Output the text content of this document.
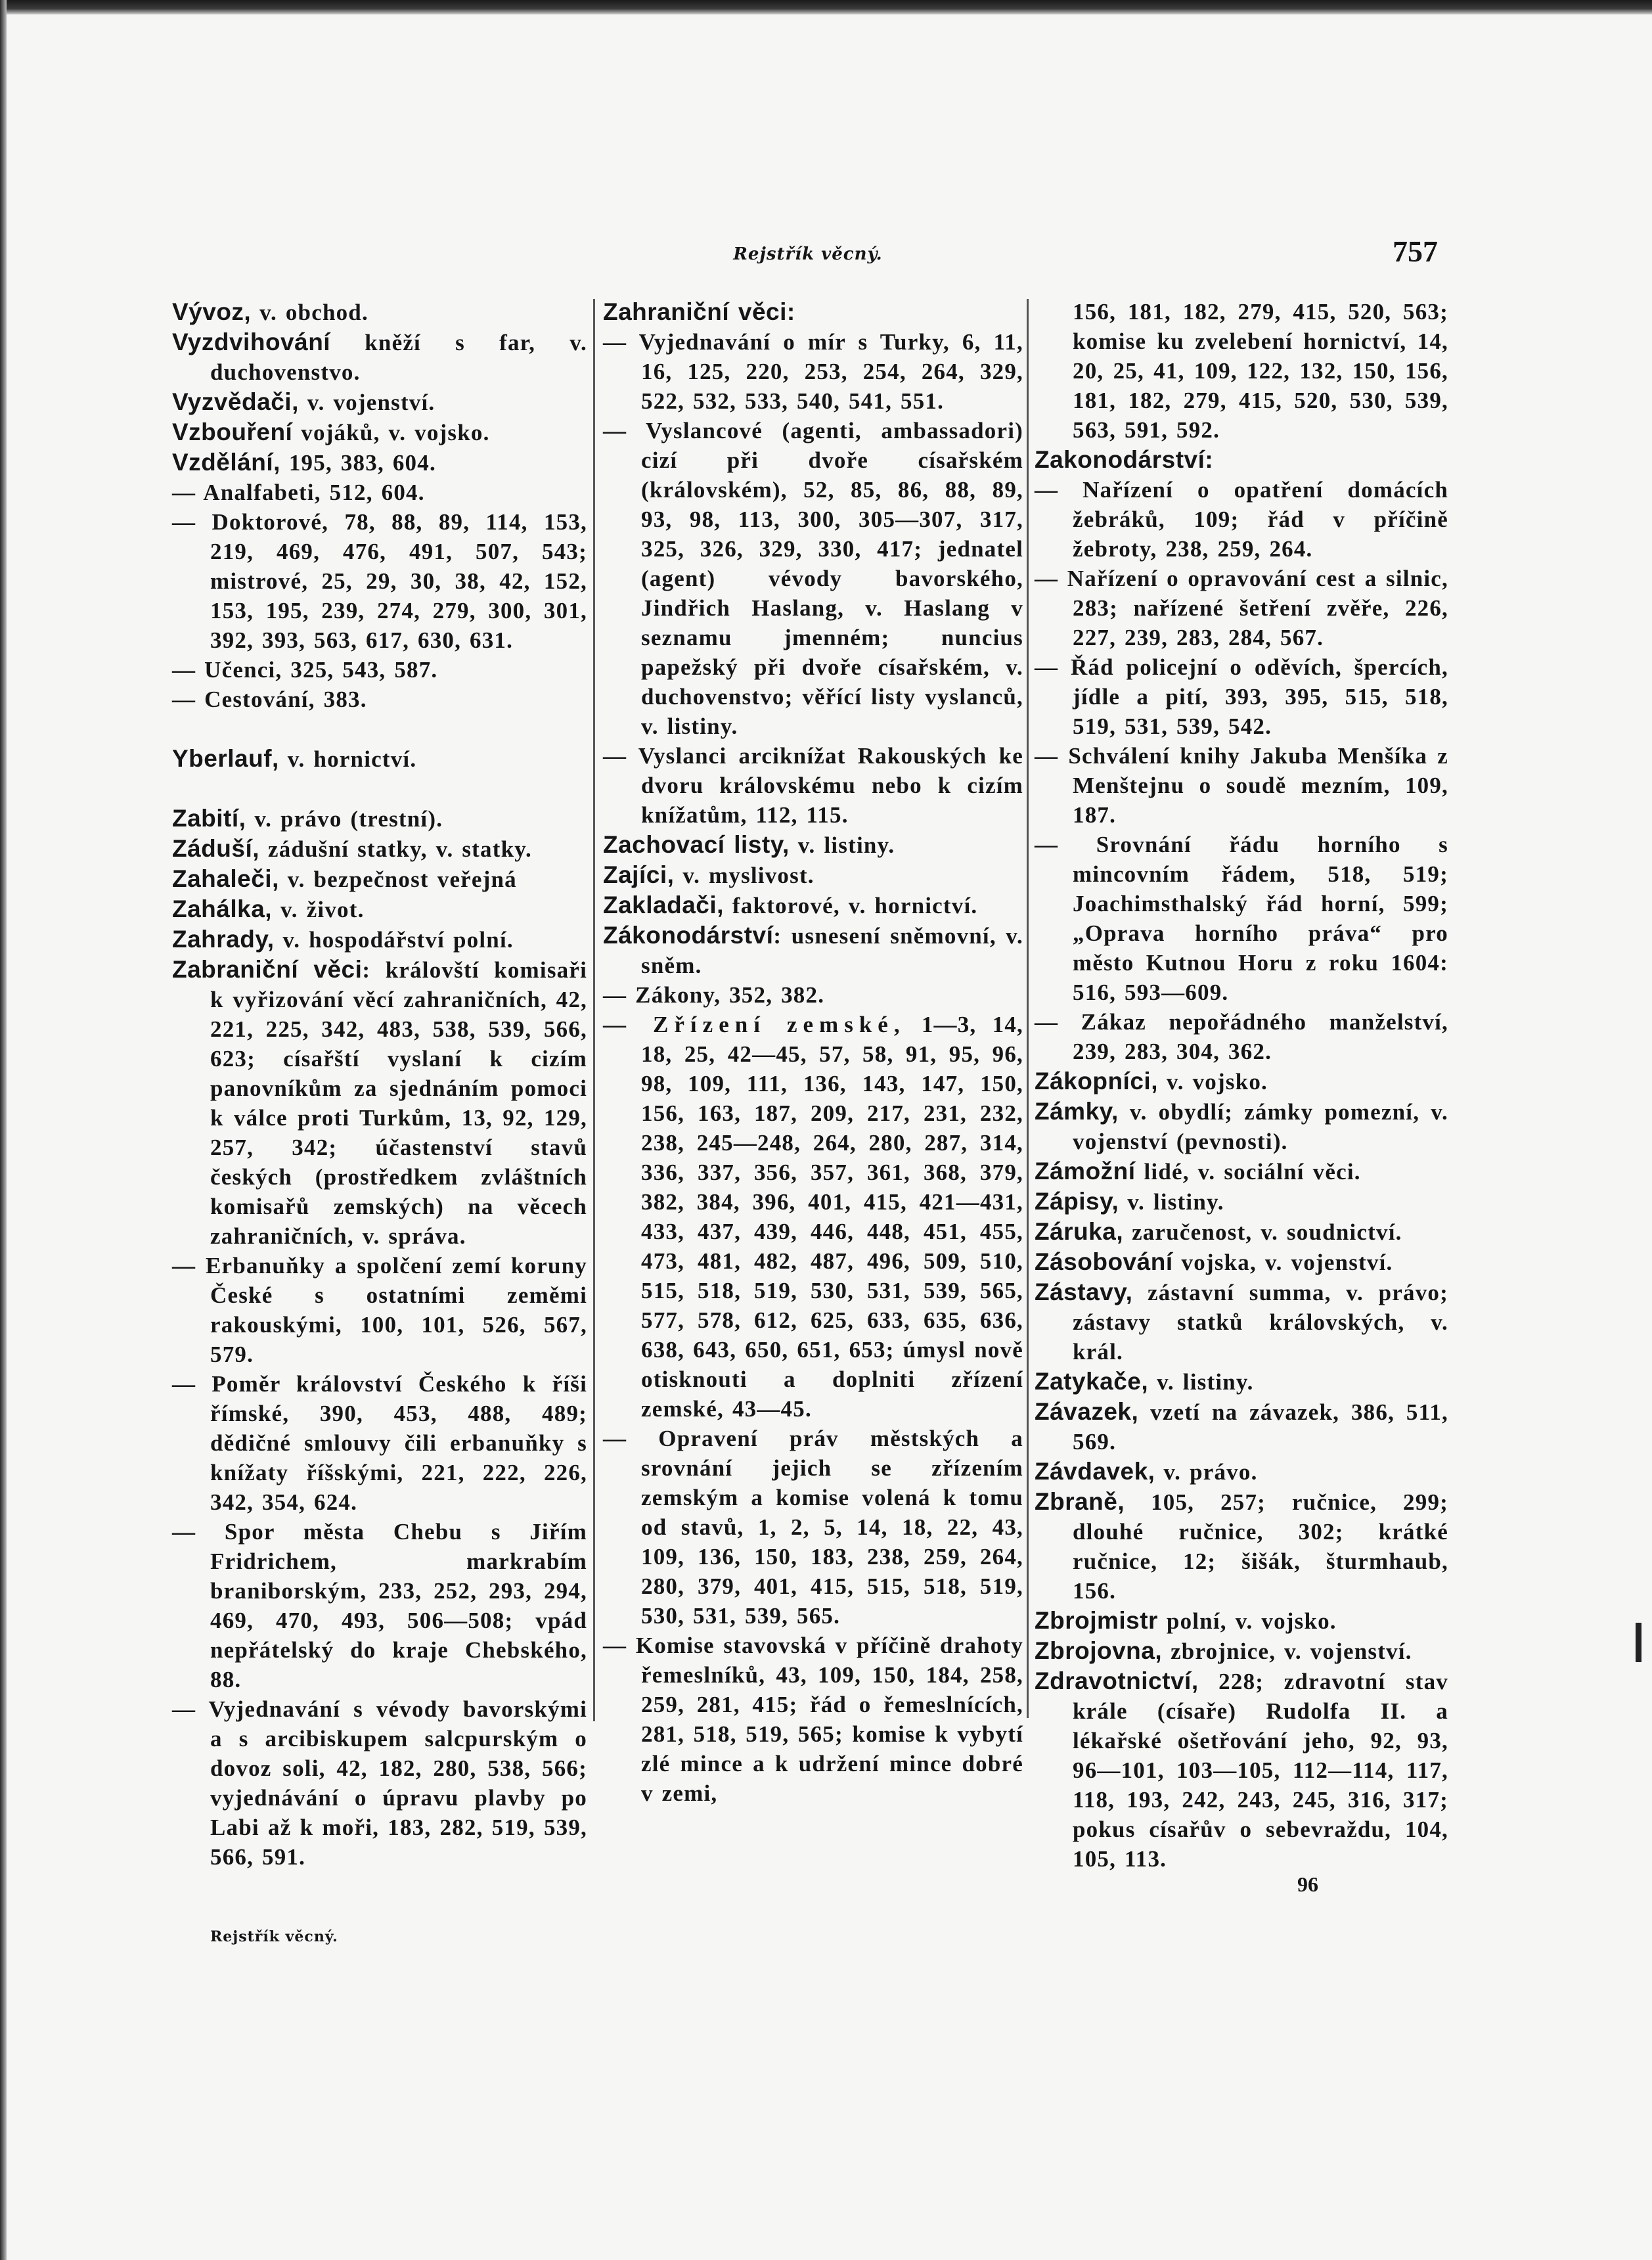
Rejstřík věcný.	757
Vývoz, v. obchod.
Vyzdvihování kněží s far, v. duchovenstvo.
Vyzvědači, v. vojenství.
Vzbouření vojáků, v. vojsko.
Vzdělání, 195, 383, 604.
— Analfabeti, 512, 604.
— Doktorové, 78, 88, 89, 114, 153, 219, 469, 476, 491, 507, 543; mistrové, 25, 29, 30, 38, 42, 152, 153, 195, 239, 274, 279, 300, 301, 392, 393, 563, 617, 630, 631.
— Učenci, 325, 543, 587.
— Cestování, 383.
Yberlauf, v. hornictví.
Zabití, v. právo (trestní).
Záduší, zádušní statky, v. statky.
Zahaleči, v. bezpečnost veřejná
Zahálka, v. život.
Zahrady, v. hospodářství polní.
Zabraniční věci: královští komisaři k vyřizování věcí zahraničních, 42, 221, 225, 342, 483, 538, 539, 566, 623; císařští vyslaní k cizím panovníkům za sjednáním pomoci k válce proti Turkům, 13, 92, 129, 257, 342; účastenství stavů českých (prostředkem zvláštních komisařů zemských) na věcech zahraničních, v. správa.
— Erbanuňky a spolčení zemí koruny České s ostatními zeměmi rakouskými, 100, 101, 526, 567, 579.
— Poměr království Českého k říši římské, 390, 453, 488, 489; dědičné smlouvy čili erbanuňky s knížaty říšskými, 221, 222, 226, 342, 354, 624.
— Spor města Chebu s Jiřím Fridrichem, markrabím braniborským, 233, 252, 293, 294, 469, 470, 493, 506—508; vpád nepřátelský do kraje Chebského, 88.
— Vyjednavání s vévody bavorskými a s arcibiskupem salcpurským o dovoz soli, 42, 182, 280, 538, 566; vyjednávání o úpravu plavby po Labi až k moři, 183, 282, 519, 539, 566, 591.
Zahraniční věci:
— Vyjednavání o mír s Turky, 6, 11, 16, 125, 220, 253, 254, 264, 329, 522, 532, 533, 540, 541, 551.
— Vyslancové (agenti, ambassadori) cizí při dvoře císařském (královském), 52, 85, 86, 88, 89, 93, 98, 113, 300, 305—307, 317, 325, 326, 329, 330, 417; jednatel (agent) vévody bavorského, Jindřich Haslang, v. Haslang v seznamu jmenném; nuncius papežský při dvoře císařském, v. duchovenstvo; věřící listy vyslanců, v. listiny.
— Vyslanci arciknížat Rakouských ke dvoru královskému nebo k cizím knížatům, 112, 115.
Zachovací listy, v. listiny.
Zajíci, v. myslivost.
Zakladači, faktorové, v. hornictví.
Zákonodárství: usnesení sněmovní, v. sněm.
— Zákony, 352, 382.
— Zřízení zemské, 1—3, 14, 18, 25, 42—45, 57, 58, 91, 95, 96, 98, 109, 111, 136, 143, 147, 150, 156, 163, 187, 209, 217, 231, 232, 238, 245—248, 264, 280, 287, 314, 336, 337, 356, 357, 361, 368, 379, 382, 384, 396, 401, 415, 421—431, 433, 437, 439, 446, 448, 451, 455, 473, 481, 482, 487, 496, 509, 510, 515, 518, 519, 530, 531, 539, 565, 577, 578, 612, 625, 633, 635, 636, 638, 643, 650, 651, 653; úmysl nově otisknouti a doplniti zřízení zemské, 43—45.
— Opravení práv městských a srovnání jejich se zřízením zemským a komise volená k tomu od stavů, 1, 2, 5, 14, 18, 22, 43, 109, 136, 150, 183, 238, 259, 264, 280, 379, 401, 415, 515, 518, 519, 530, 531, 539, 565.
— Komise stavovská v příčině drahoty řemeslníků, 43, 109, 150, 184, 258, 259, 281, 415; řád o řemeslnících, 281, 518, 519, 565; komise k vybytí zlé mince a k udržení mince dobré v zemi,
156, 181, 182, 279, 415, 520, 563; komise ku zvelebení hornictví, 14, 20, 25, 41, 109, 122, 132, 150, 156, 181, 182, 279, 415, 520, 530, 539, 563, 591, 592.
Zakonodárství:
— Nařízení o opatření domácích žebráků, 109; řád v příčině žebroty, 238, 259, 264.
— Nařízení o opravování cest a silnic, 283; nařízené šetření zvěře, 226, 227, 239, 283, 284, 567.
— Řád policejní o oděvích, špercích, jídle a pití, 393, 395, 515, 518, 519, 531, 539, 542.
— Schválení knihy Jakuba Menšíka z Menštejnu o soudě mezním, 109, 187.
— Srovnání řádu horního s mincovním řádem, 518, 519; Joachimsthalský řád horní, 599; „Oprava horního práva“ pro město Kutnou Horu z roku 1604: 516, 593—609.
— Zákaz nepořádného manželství, 239, 283, 304, 362.
Zákopníci, v. vojsko.
Zámky, v. obydlí; zámky pomezní, v. vojenství (pevnosti).
Zámožní lidé, v. sociální věci.
Zápisy, v. listiny.
Záruka, zaručenost, v. soudnictví.
Zásobování vojska, v. vojenství.
Zástavy, zástavní summa, v. právo; zástavy statků královských, v. král.
Zatykače, v. listiny.
Závazek, vzetí na závazek, 386, 511, 569.
Závdavek, v. právo.
Zbraně, 105, 257; ručnice, 299; dlouhé ručnice, 302; krátké ručnice, 12; šišák, šturmhaub, 156.
Zbrojmistr polní, v. vojsko.
Zbrojovna, zbrojnice, v. vojenství.
Zdravotnictví, 228; zdravotní stav krále (císaře) Rudolfa II. a lékařské ošetřování jeho, 92, 93, 96—101, 103—105, 112—114, 117, 118, 193, 242, 243, 245, 316, 317; pokus císařův o sebevraždu, 104, 105, 113.
Rejstřík věcný.
96
